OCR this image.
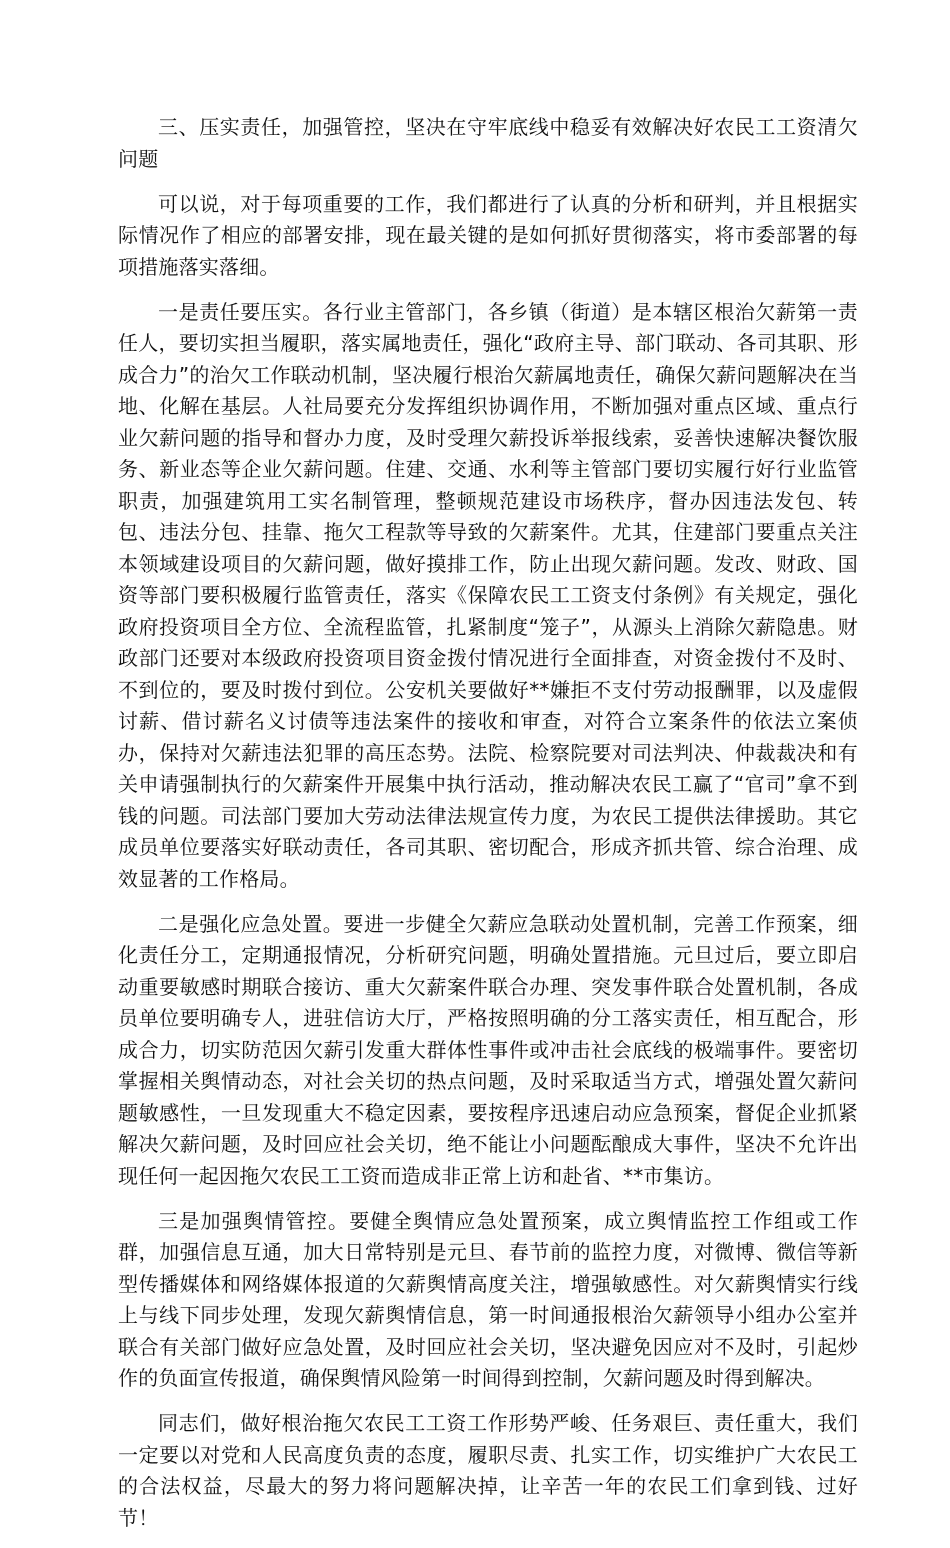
三、压实责任，加强管控，坚决在守牢底线中稳妥有效解决好农民工工资清欠问题

可以说，对于每项重要的工作，我们都进行了认真的分析和研判，并且根据实际情况作了相应的部署安排，现在最关键的是如何抓好贯彻落实，将市委部署的每项措施落实落细。

一是责任要压实。各行业主管部门，各乡镇（街道）是本辖区根治欠薪第一责任人，要切实担当履职，落实属地责任，强化“政府主导、部门联动、各司其职、形成合力”的治欠工作联动机制，坚决履行根治欠薪属地责任，确保欠薪问题解决在当地、化解在基层。人社局要充分发挥组织协调作用，不断加强对重点区域、重点行业欠薪问题的指导和督办力度，及时受理欠薪投诉举报线索，妥善快速解决餐饮服务、新业态等企业欠薪问题。住建、交通、水利等主管部门要切实履行好行业监管职责，加强建筑用工实名制管理，整顿规范建设市场秩序，督办因违法发包、转包、违法分包、挂靠、拖欠工程款等导致的欠薪案件。尤其，住建部门要重点关注本领域建设项目的欠薪问题，做好摸排工作，防止出现欠薪问题。发改、财政、国资等部门要积极履行监管责任，落实《保障农民工工资支付条例》有关规定，强化政府投资项目全方位、全流程监管，扎紧制度“笼子”，从源头上消除欠薪隐患。财政部门还要对本级政府投资项目资金拨付情况进行全面排查，对资金拨付不及时、不到位的，要及时拨付到位。公安机关要做好**嫌拒不支付劳动报酬罪，以及虚假讨薪、借讨薪名义讨债等违法案件的接收和审查，对符合立案条件的依法立案侦办，保持对欠薪违法犯罪的高压态势。法院、检察院要对司法判决、仲裁裁决和有关申请强制执行的欠薪案件开展集中执行活动，推动解决农民工赢了“官司”拿不到钱的问题。司法部门要加大劳动法律法规宣传力度，为农民工提供法律援助。其它成员单位要落实好联动责任，各司其职、密切配合，形成齐抓共管、综合治理、成效显著的工作格局。

二是强化应急处置。要进一步健全欠薪应急联动处置机制，完善工作预案，细化责任分工，定期通报情况，分析研究问题，明确处置措施。元旦过后，要立即启动重要敏感时期联合接访、重大欠薪案件联合办理、突发事件联合处置机制，各成员单位要明确专人，进驻信访大厅，严格按照明确的分工落实责任，相互配合，形成合力，切实防范因欠薪引发重大群体性事件或冲击社会底线的极端事件。要密切掌握相关舆情动态，对社会关切的热点问题，及时采取适当方式，增强处置欠薪问题敏感性，一旦发现重大不稳定因素，要按程序迅速启动应急预案，督促企业抓紧解决欠薪问题，及时回应社会关切，绝不能让小问题酝酿成大事件，坚决不允许出现任何一起因拖欠农民工工资而造成非正常上访和赴省、**市集访。

三是加强舆情管控。要健全舆情应急处置预案，成立舆情监控工作组或工作群，加强信息互通，加大日常特别是元旦、春节前的监控力度，对微博、微信等新型传播媒体和网络媒体报道的欠薪舆情高度关注，增强敏感性。对欠薪舆情实行线上与线下同步处理，发现欠薪舆情信息，第一时间通报根治欠薪领导小组办公室并联合有关部门做好应急处置，及时回应社会关切，坚决避免因应对不及时，引起炒作的负面宣传报道，确保舆情风险第一时间得到控制，欠薪问题及时得到解决。

同志们，做好根治拖欠农民工工资工作形势严峻、任务艰巨、责任重大，我们一定要以对党和人民高度负责的态度，履职尽责、扎实工作，切实维护广大农民工的合法权益，尽最大的努力将问题解决掉，让辛苦一年的农民工们拿到钱、过好节！
